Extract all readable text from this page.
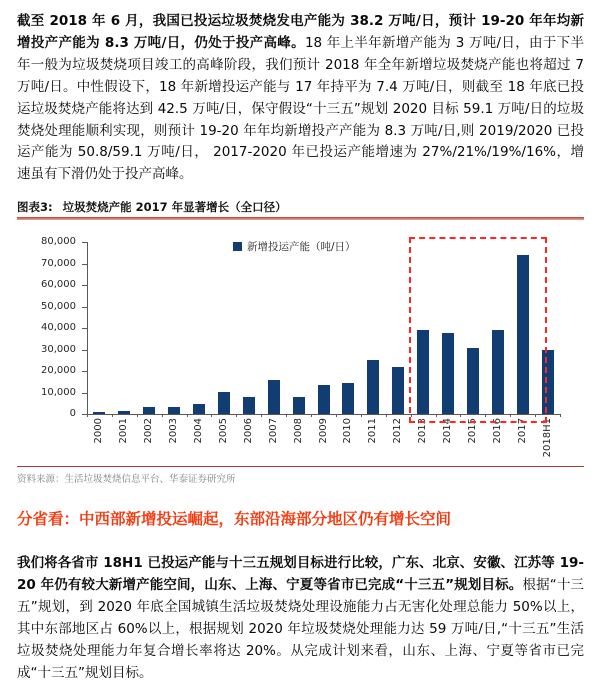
截至 2018 年 6 月，我国已投运垃圾焚烧发电产能为 38.2 万吨/日，预计 19-20 年年均新增投产产能为 8.3 万吨/日，仍处于投产高峰。18 年上半年新增产能为 3 万吨/日，由于下半年一般为垃圾焚烧项目竣工的高峰阶段，我们预计 2018 年全年新增垃圾焚烧产能也将超过 7 万吨/日。中性假设下，18 年新增投运产能与 17 年持平为 7.4 万吨/日，则截至 18 年底已投运垃圾焚烧产能将达到 42.5 万吨/日，保守假设“十三五”规划 2020 目标 59.1 万吨/日的垃圾焚烧处理能顺利实现，则预计 19-20 年年均新增投产产能为 8.3 万吨/日,则 2019/2020 已投运产能为 50.8/59.1 万吨/日， 2017-2020 年已投运产能增速为 27%/21%/19%/16%，增速虽有下滑仍处于投产高峰。
图表3: 垃圾焚烧产能 2017 年显著增长（全口径）
新增投运产能（吨/日）
0
10,000
20,000
30,000
40,000
50,000
60,000
70,000
80,000
2000 2001 2002 2003 2004 2005 2006 2007 2008 2009 2010 2011 2012 2013 2014 2015 2016 2017 2018H1
资料来源：生活垃圾焚烧信息平台、华泰证券研究所
分省看：中西部新增投运崛起，东部沿海部分地区仍有增长空间
我们将各省市 18H1 已投运产能与十三五规划目标进行比较，广东、北京、安徽、江苏等 19-20 年仍有较大新增产能空间，山东、上海、宁夏等省市已完成“十三五”规划目标。根据“十三五”规划，到 2020 年底全国城镇生活垃圾焚烧处理设施能力占无害化处理总能力 50%以上，其中东部地区占 60%以上，根据规划 2020 年垃圾焚烧处理能力达 59 万吨/日,“十三五”生活垃圾焚烧处理能力年复合增长率将达 20%。从完成计划来看，山东、上海、宁夏等省市已完成“十三五”规划目标。
